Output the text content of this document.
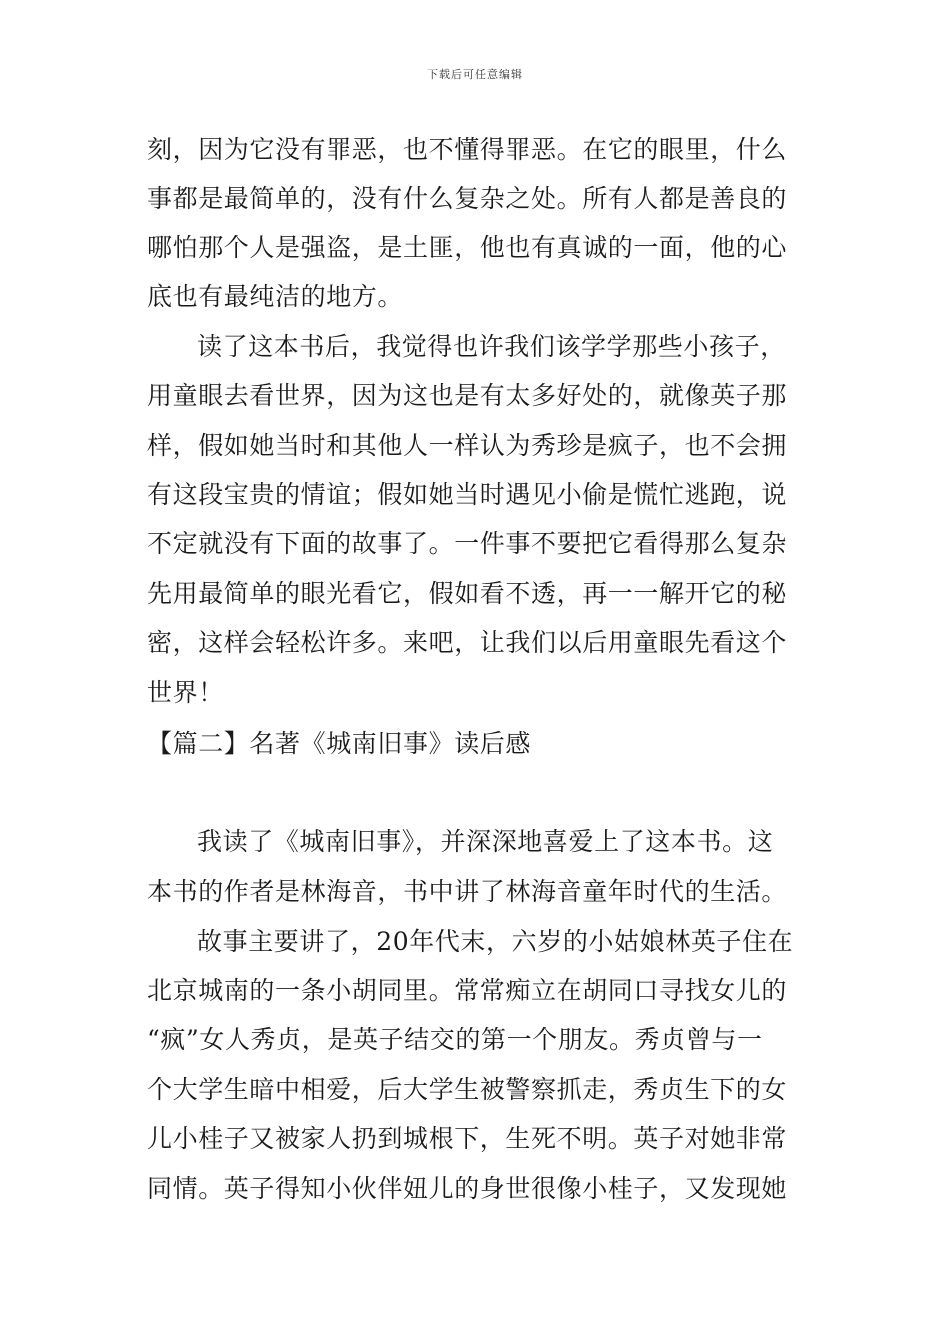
下载后可任意编辑
刻，因为它没有罪恶，也不懂得罪恶。在它的眼里，什么
事都是最简单的，没有什么复杂之处。所有人都是善良的
哪怕那个人是强盗，是土匪，他也有真诚的一面，他的心
底也有最纯洁的地方。
读了这本书后，我觉得也许我们该学学那些小孩子，
用童眼去看世界，因为这也是有太多好处的，就像英子那
样，假如她当时和其他人一样认为秀珍是疯子，也不会拥
有这段宝贵的情谊；假如她当时遇见小偷是慌忙逃跑，说
不定就没有下面的故事了。一件事不要把它看得那么复杂
先用最简单的眼光看它，假如看不透，再一一解开它的秘
密，这样会轻松许多。来吧，让我们以后用童眼先看这个
世界！
【篇二】名著《城南旧事》读后感
我读了《城南旧事》，并深深地喜爱上了这本书。这
本书的作者是林海音，书中讲了林海音童年时代的生活。
故事主要讲了，20年代末，六岁的小姑娘林英子住在
北京城南的一条小胡同里。常常痴立在胡同口寻找女儿的
“疯”女人秀贞，是英子结交的第一个朋友。秀贞曾与一
个大学生暗中相爱，后大学生被警察抓走，秀贞生下的女
儿小桂子又被家人扔到城根下，生死不明。英子对她非常
同情。英子得知小伙伴妞儿的身世很像小桂子，又发现她
